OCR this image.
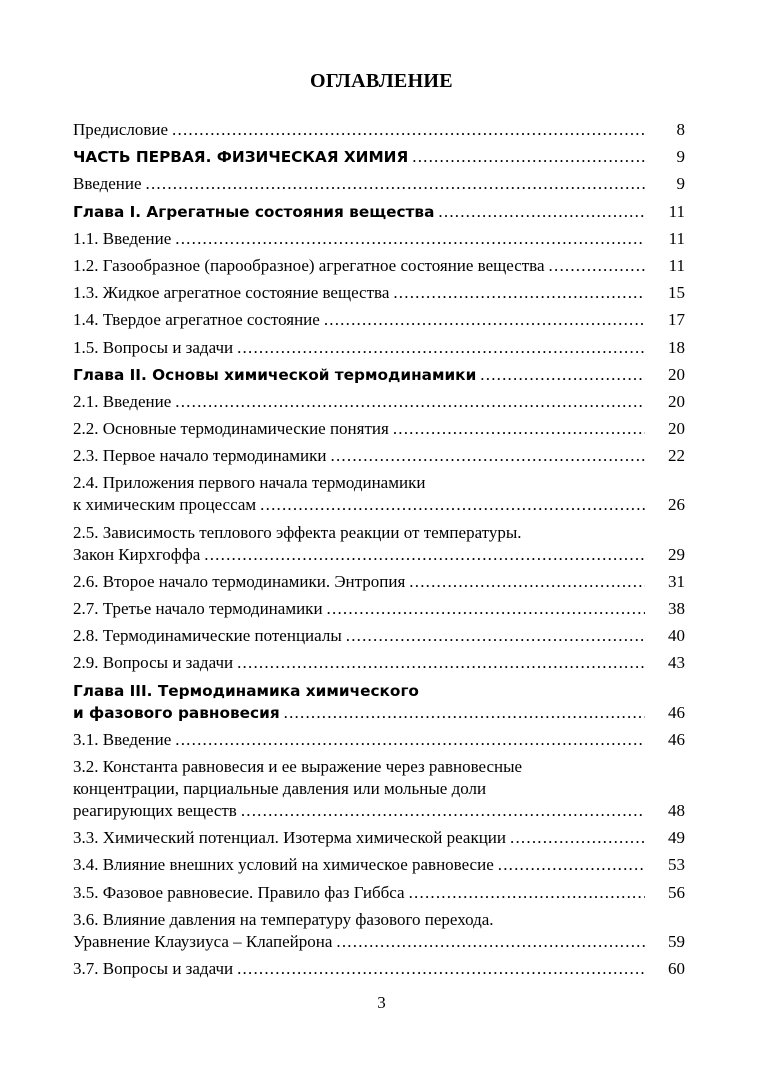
ОГЛАВЛЕНИЕ
Предисловие .....	8
ЧАСТЬ ПЕРВАЯ. ФИЗИЧЕСКАЯ ХИМИЯ .....	9
Введение .....	9
Глава I. Агрегатные состояния вещества .....	11
1.1. Введение .....	11
1.2. Газообразное (парообразное) агрегатное состояние вещества .....	11
1.3. Жидкое агрегатное состояние вещества .....	15
1.4. Твердое агрегатное состояние .....	17
1.5. Вопросы и задачи .....	18
Глава II. Основы химической термодинамики .....	20
2.1. Введение .....	20
2.2. Основные термодинамические понятия .....	20
2.3. Первое начало термодинамики .....	22
2.4. Приложения первого начала термодинамики
к химическим процессам .....	26
2.5. Зависимость теплового эффекта реакции от температуры.
Закон Кирхгоффа .....	29
2.6. Второе начало термодинамики. Энтропия .....	31
2.7. Третье начало термодинамики .....	38
2.8. Термодинамические потенциалы .....	40
2.9. Вопросы и задачи .....	43
Глава III. Термодинамика химического
и фазового равновесия .....	46
3.1. Введение .....	46
3.2. Константа равновесия и ее выражение через равновесные
концентрации, парциальные давления или мольные доли
реагирующих веществ .....	48
3.3. Химический потенциал. Изотерма химической реакции .....	49
3.4. Влияние внешних условий на химическое равновесие .....	53
3.5. Фазовое равновесие. Правило фаз Гиббса .....	56
3.6. Влияние давления на температуру фазового перехода.
Уравнение Клаузиуса – Клапейрона .....	59
3.7. Вопросы и задачи .....	60
3
